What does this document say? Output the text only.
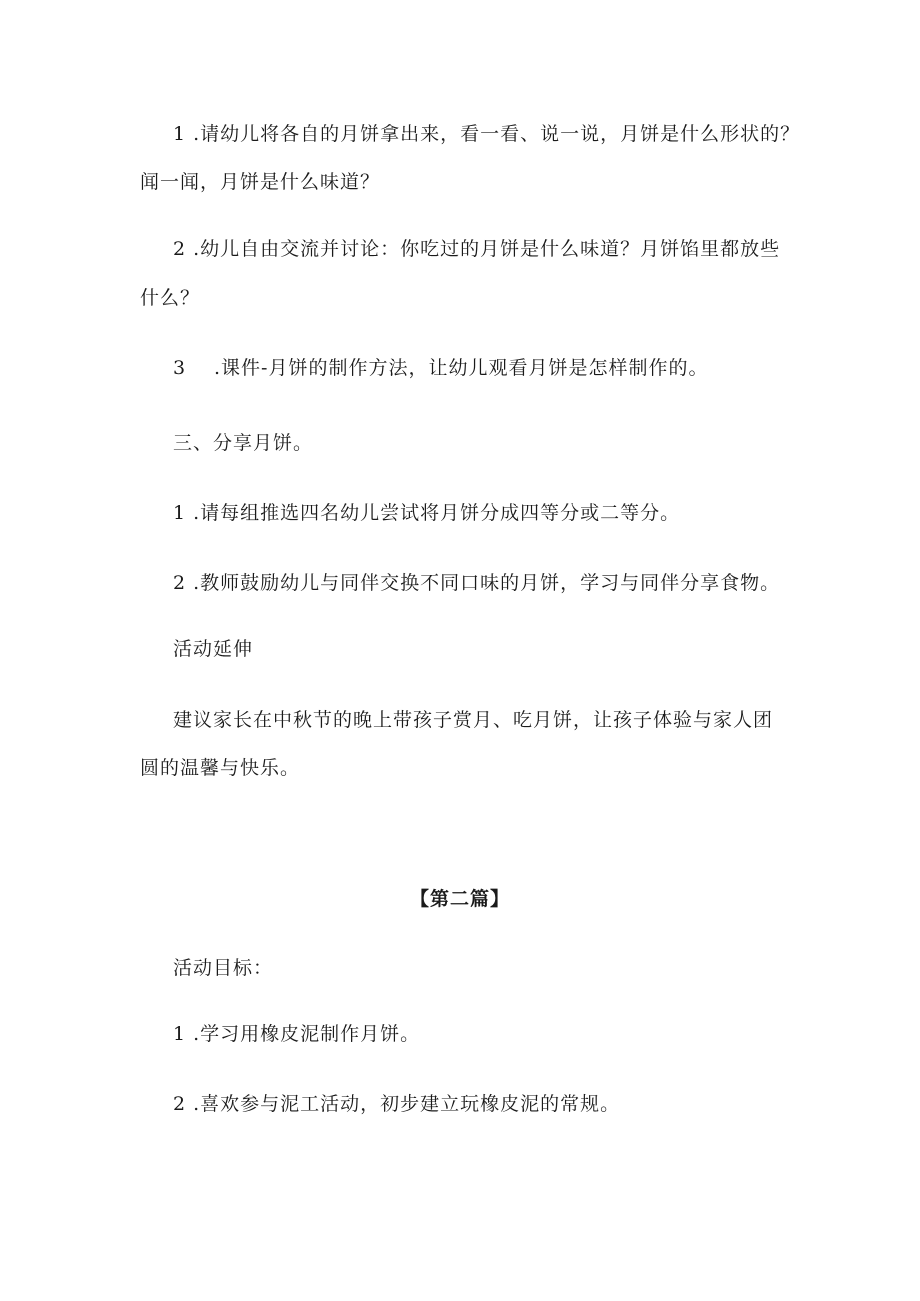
1 .请幼儿将各自的月饼拿出来，看一看、说一说，月饼是什么形状的？
闻一闻，月饼是什么味道？
2 .幼儿自由交流并讨论：你吃过的月饼是什么味道？月饼馅里都放些
什么？
3 .课件-月饼的制作方法，让幼儿观看月饼是怎样制作的。
三、分享月饼。
1 .请每组推选四名幼儿尝试将月饼分成四等分或二等分。
2 .教师鼓励幼儿与同伴交换不同口味的月饼，学习与同伴分享食物。
活动延伸
建议家长在中秋节的晚上带孩子赏月、吃月饼，让孩子体验与家人团
圆的温馨与快乐。
【第二篇】
活动目标：
1 .学习用橡皮泥制作月饼。
2 .喜欢参与泥工活动，初步建立玩橡皮泥的常规。
